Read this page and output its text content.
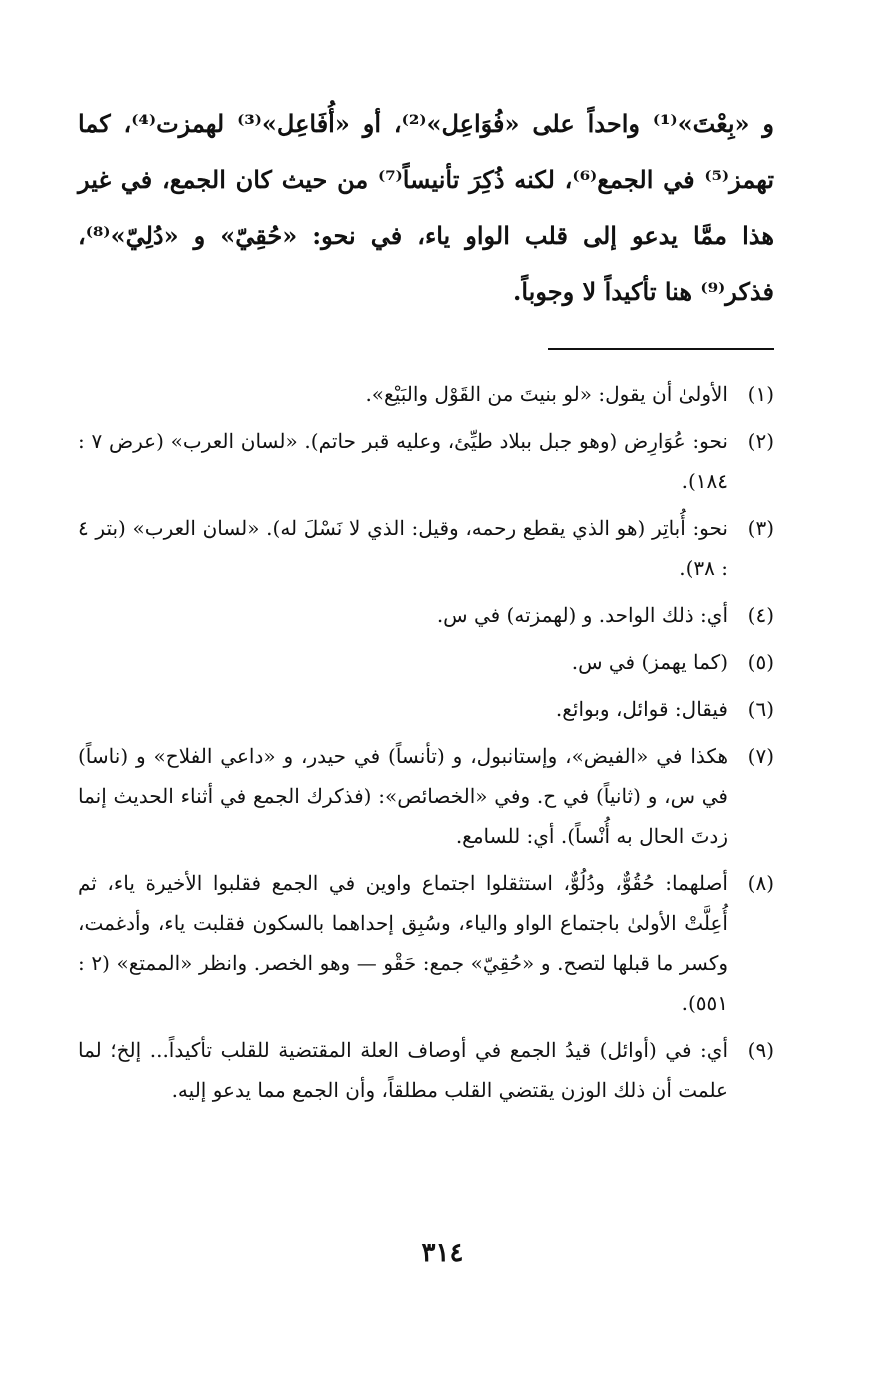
و «بِعْتَ»⁽¹⁾ واحداً على «فُوَاعِل»⁽²⁾، أو «أُفَاعِل»⁽³⁾ لهمزت⁽⁴⁾، كما تهمز⁽⁵⁾ في الجمع⁽⁶⁾، لكنه ذُكِرَ تأنيساً⁽⁷⁾ من حيث كان الجمع، في غير هذا ممَّا يدعو إلى قلب الواو ياء، في نحو: «حُقِيّ» و «دُلِيّ»⁽⁸⁾، فذكر⁽⁹⁾ هنا تأكيداً لا وجوباً.
(١)
الأولىٰ أن يقول: «لو بنيتَ من القَوْل والبَيْع».
(٢)
نحو: عُوَارِض (وهو جبل ببلاد طيِّئ، وعليه قبر حاتم). «لسان العرب» (عرض ٧ : ١٨٤).
(٣)
نحو: أُباتِر (هو الذي يقطع رحمه، وقيل: الذي لا نَسْلَ له). «لسان العرب» (بتر ٤ : ٣٨).
(٤)
أي: ذلك الواحد. و (لهمزته) في س.
(٥)
(كما يهمز) في س.
(٦)
فيقال: قوائل، وبوائع.
(٧)
هكذا في «الفيض»، وإستانبول، و (تأنساً) في حيدر، و «داعي الفلاح» و (ناساً) في س، و (ثانياً) في ح. وفي «الخصائص»: (فذكرك الجمع في أثناء الحديث إنما زدتَ الحال به أُنْساً). أي: للسامع.
(٨)
أصلهما: حُقُوٌّ، ودُلُوٌّ، استثقلوا اجتماع واوين في الجمع فقلبوا الأخيرة ياء، ثم أُعِلَّتْ الأولىٰ باجتماع الواو والياء، وسُبِق إحداهما بالسكون فقلبت ياء، وأدغمت، وكسر ما قبلها لتصح. و «حُقِيّ» جمع: حَقْو — وهو الخصر. وانظر «الممتع» (٢ : ٥٥١).
(٩)
أي: في (أوائل) قيدُ الجمع في أوصاف العلة المقتضية للقلب تأكيداً... إلخ؛ لما علمت أن ذلك الوزن يقتضي القلب مطلقاً، وأن الجمع مما يدعو إليه.
٣١٤
